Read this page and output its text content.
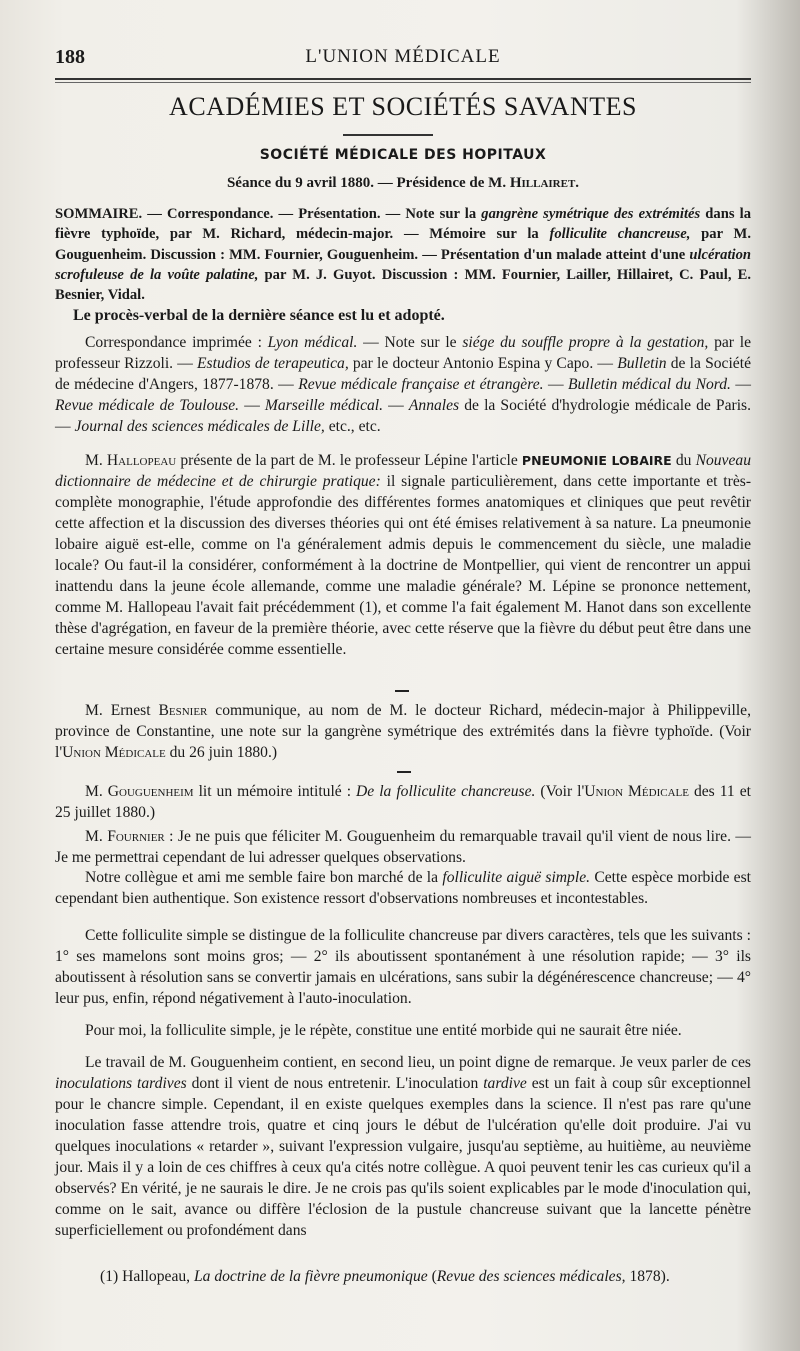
188	L'UNION MÉDICALE
ACADÉMIES ET SOCIÉTÉS SAVANTES
SOCIÉTÉ MÉDICALE DES HOPITAUX
Séance du 9 avril 1880. — Présidence de M. Hillairet.
SOMMAIRE. — Correspondance. — Présentation. — Note sur la gangrène symétrique des extrémités dans la fièvre typhoïde, par M. Richard, médecin-major. — Mémoire sur la folliculite chancreuse, par M. Gouguenheim. Discussion : MM. Fournier, Gouguenheim. — Présentation d'un malade atteint d'une ulcération scrofuleuse de la voûte palatine, par M. J. Guyot. Discussion : MM. Fournier, Lailler, Hillairet, C. Paul, E. Besnier, Vidal.
Le procès-verbal de la dernière séance est lu et adopté.
Correspondance imprimée : Lyon médical. — Note sur le siége du souffle propre à la gestation, par le professeur Rizzoli. — Estudios de terapeutica, par le docteur Antonio Espina y Capo. — Bulletin de la Société de médecine d'Angers, 1877-1878. — Revue médicale française et étrangère. — Bulletin médical du Nord. — Revue médicale de Toulouse. — Marseille médical. — Annales de la Société d'hydrologie médicale de Paris. — Journal des sciences médicales de Lille, etc., etc.
M. Hallopeau présente de la part de M. le professeur Lépine l'article PNEUMONIE LOBAIRE du Nouveau dictionnaire de médecine et de chirurgie pratique: il signale particulièrement, dans cette importante et très-complète monographie, l'étude approfondie des différentes formes anatomiques et cliniques que peut revêtir cette affection et la discussion des diverses théories qui ont été émises relativement à sa nature. La pneumonie lobaire aiguë est-elle, comme on l'a généralement admis depuis le commencement du siècle, une maladie locale? Ou faut-il la considérer, conformément à la doctrine de Montpellier, qui vient de rencontrer un appui inattendu dans la jeune école allemande, comme une maladie générale? M. Lépine se prononce nettement, comme M. Hallopeau l'avait fait précédemment (1), et comme l'a fait également M. Hanot dans son excellente thèse d'agrégation, en faveur de la première théorie, avec cette réserve que la fièvre du début peut être dans une certaine mesure considérée comme essentielle.
M. Ernest Besnier communique, au nom de M. le docteur Richard, médecin-major à Philippeville, province de Constantine, une note sur la gangrène symétrique des extrémités dans la fièvre typhoïde. (Voir l'Union Médicale du 26 juin 1880.)
M. Gouguenheim lit un mémoire intitulé : De la folliculite chancreuse. (Voir l'Union Médicale des 11 et 25 juillet 1880.)
M. Fournier : Je ne puis que féliciter M. Gouguenheim du remarquable travail qu'il vient de nous lire. — Je me permettrai cependant de lui adresser quelques observations.
Notre collègue et ami me semble faire bon marché de la folliculite aiguë simple. Cette espèce morbide est cependant bien authentique. Son existence ressort d'observations nombreuses et incontestables.
Cette folliculite simple se distingue de la folliculite chancreuse par divers caractères, tels que les suivants : 1° ses mamelons sont moins gros; — 2° ils aboutissent spontanément à une résolution rapide; — 3° ils aboutissent à résolution sans se convertir jamais en ulcérations, sans subir la dégénérescence chancreuse; — 4° leur pus, enfin, répond négativement à l'auto-inoculation.
Pour moi, la folliculite simple, je le répète, constitue une entité morbide qui ne saurait être niée.
Le travail de M. Gouguenheim contient, en second lieu, un point digne de remarque. Je veux parler de ces inoculations tardives dont il vient de nous entretenir. L'inoculation tardive est un fait à coup sûr exceptionnel pour le chancre simple. Cependant, il en existe quelques exemples dans la science. Il n'est pas rare qu'une inoculation fasse attendre trois, quatre et cinq jours le début de l'ulcération qu'elle doit produire. J'ai vu quelques inoculations « retarder », suivant l'expression vulgaire, jusqu'au septième, au huitième, au neuvième jour. Mais il y a loin de ces chiffres à ceux qu'a cités notre collègue. A quoi peuvent tenir les cas curieux qu'il a observés? En vérité, je ne saurais le dire. Je ne crois pas qu'ils soient explicables par le mode d'inoculation qui, comme on le sait, avance ou diffère l'éclosion de la pustule chancreuse suivant que la lancette pénètre superficiellement ou profondément dans
(1) Hallopeau, La doctrine de la fièvre pneumonique (Revue des sciences médicales, 1878).
